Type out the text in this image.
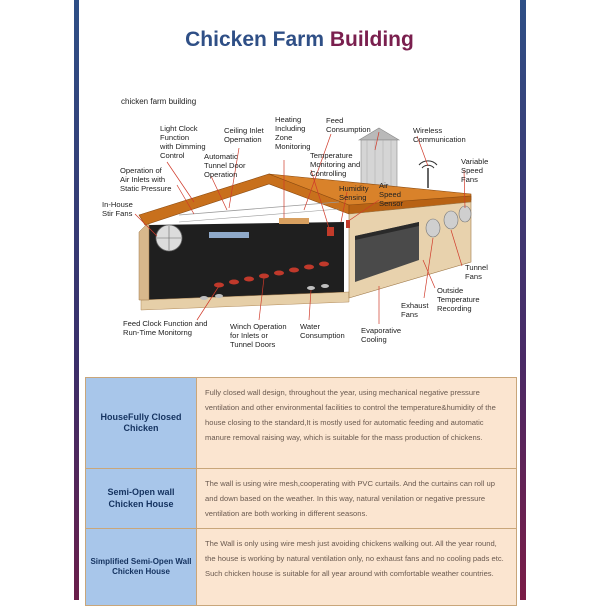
Chicken Farm Building
chicken farm building
Light Clock Function with Dimming Control
Ceiling Inlet Opernation
Heating Including Zone Monitoring
Feed Consumption	Wireless Communication
Automatic Tunnel Door Operation
Temperature Monitoring and Controlling
Variable Speed Fans
Operation of Air Inlets with Static Pressure	Humidity Sensing
Air Speed Sensor
In-House Stir Fans
Tunnel Fans
Outside Temperature Recording
Exhaust Fans
Feed Clock Function and Run-Time Monitorng
Winch Operation for Inlets or Tunnel Doors
Water Consumption
Evaporative Cooling
HouseFully Closed Chicken
Fully closed wall design, throughout the year, using mechanical negative pressure ventilation and other environmental facilities to control the temperature&humidity of the house closing to the standard,It is mostly used for automatic feeding and automatic manure removal raising way, which is suitable for the mass production of chickens.
Semi-Open wall Chicken House
The wall is using wire mesh,cooperating with PVC curtails. And the curtains can roll up and down based on the weather. In this way, natural venilation or negative pressure ventilation are both working in different seasons.
Simplified Semi-Open Wall Chicken House
The Wall is only using wire mesh just avoiding chickens walking out. All the year round, the house is working by natural ventilation only, no exhaust fans and no cooling pads etc. Such chicken house is suitable for all year around with comfortable weather countries.
